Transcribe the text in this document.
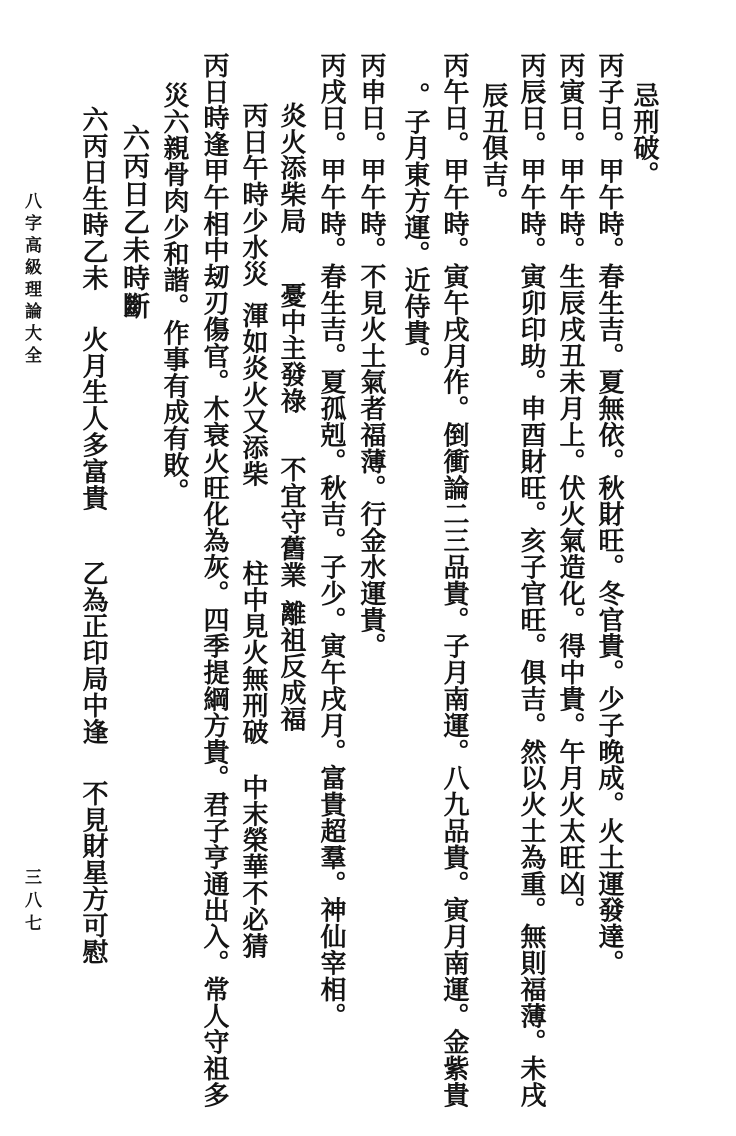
忌刑破。
丙子日。甲午時。春生吉。夏無依。秋財旺。冬官貴。少子晚成。火土運發達。
丙寅日。甲午時。生辰戌丑未月上。伏火氣造化。得中貴。午月火太旺凶。
丙辰日。甲午時。寅卯印助。申酉財旺。亥子官旺。俱吉。然以火土為重。無則福薄。未戌
辰丑俱吉。
丙午日。甲午時。寅午戌月作。倒衝論二三品貴。子月南運。八九品貴。寅月南運。金紫貴
。子月東方運。近侍貴。
丙申日。甲午時。不見火土氣者福薄。行金水運貴。
丙戌日。甲午時。春生吉。夏孤剋。秋吉。子少。寅午戌月。富貴超羣。神仙宰相。
炎火添柴局
憂中主發祿
不宜守舊業
離祖反成福
丙日午時少水災
渾如炎火又添柴
柱中見火無刑破
中末榮華不必猜
丙日時逢甲午相中刼刃傷官。木衰火旺化為灰。四季提綱方貴。君子亨通出入。常人守祖多
災六親骨肉少和諧。作事有成有敗。
六丙日乙未時斷
六丙日生時乙未
火月生人多富貴
乙為正印局中逢
不見財星方可慰
八字高級理論大全
三八七
